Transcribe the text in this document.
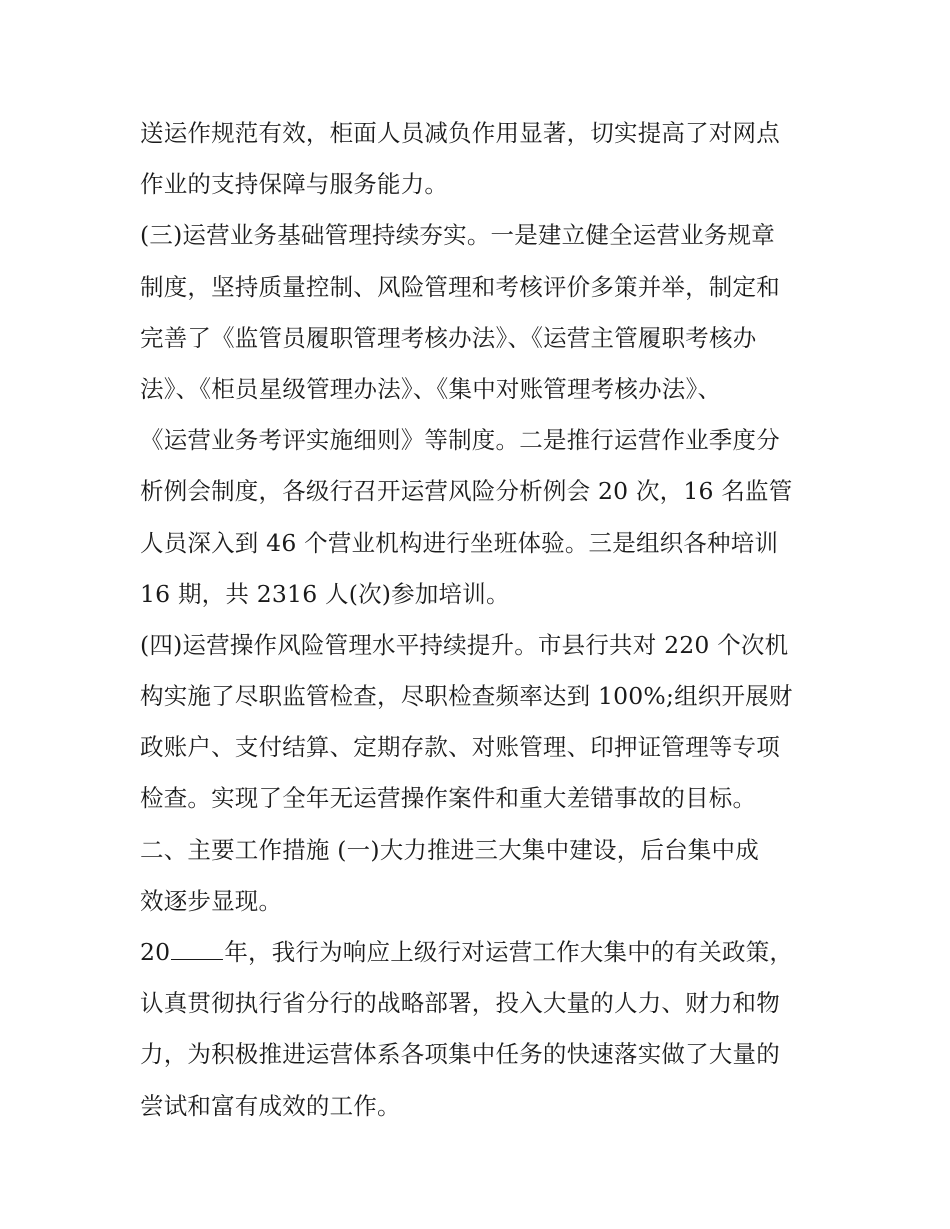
送运作规范有效，柜面人员减负作用显著，切实提高了对网点
作业的支持保障与服务能力。
(三)运营业务基础管理持续夯实。一是建立健全运营业务规章
制度，坚持质量控制、风险管理和考核评价多策并举，制定和
完善了《监管员履职管理考核办法》、《运营主管履职考核办
法》、《柜员星级管理办法》、《集中对账管理考核办法》、
《运营业务考评实施细则》等制度。二是推行运营作业季度分
析例会制度，各级行召开运营风险分析例会 20 次，16 名监管
人员深入到 46 个营业机构进行坐班体验。三是组织各种培训
16 期，共 2316 人(次)参加培训。
(四)运营操作风险管理水平持续提升。市县行共对 220 个次机
构实施了尽职监管检查，尽职检查频率达到 100%;组织开展财
政账户、支付结算、定期存款、对账管理、印押证管理等专项
检查。实现了全年无运营操作案件和重大差错事故的目标。
二、主要工作措施 (一)大力推进三大集中建设，后台集中成
效逐步显现。
20 年，我行为响应上级行对运营工作大集中的有关政策，
认真贯彻执行省分行的战略部署，投入大量的人力、财力和物
力，为积极推进运营体系各项集中任务的快速落实做了大量的
尝试和富有成效的工作。
